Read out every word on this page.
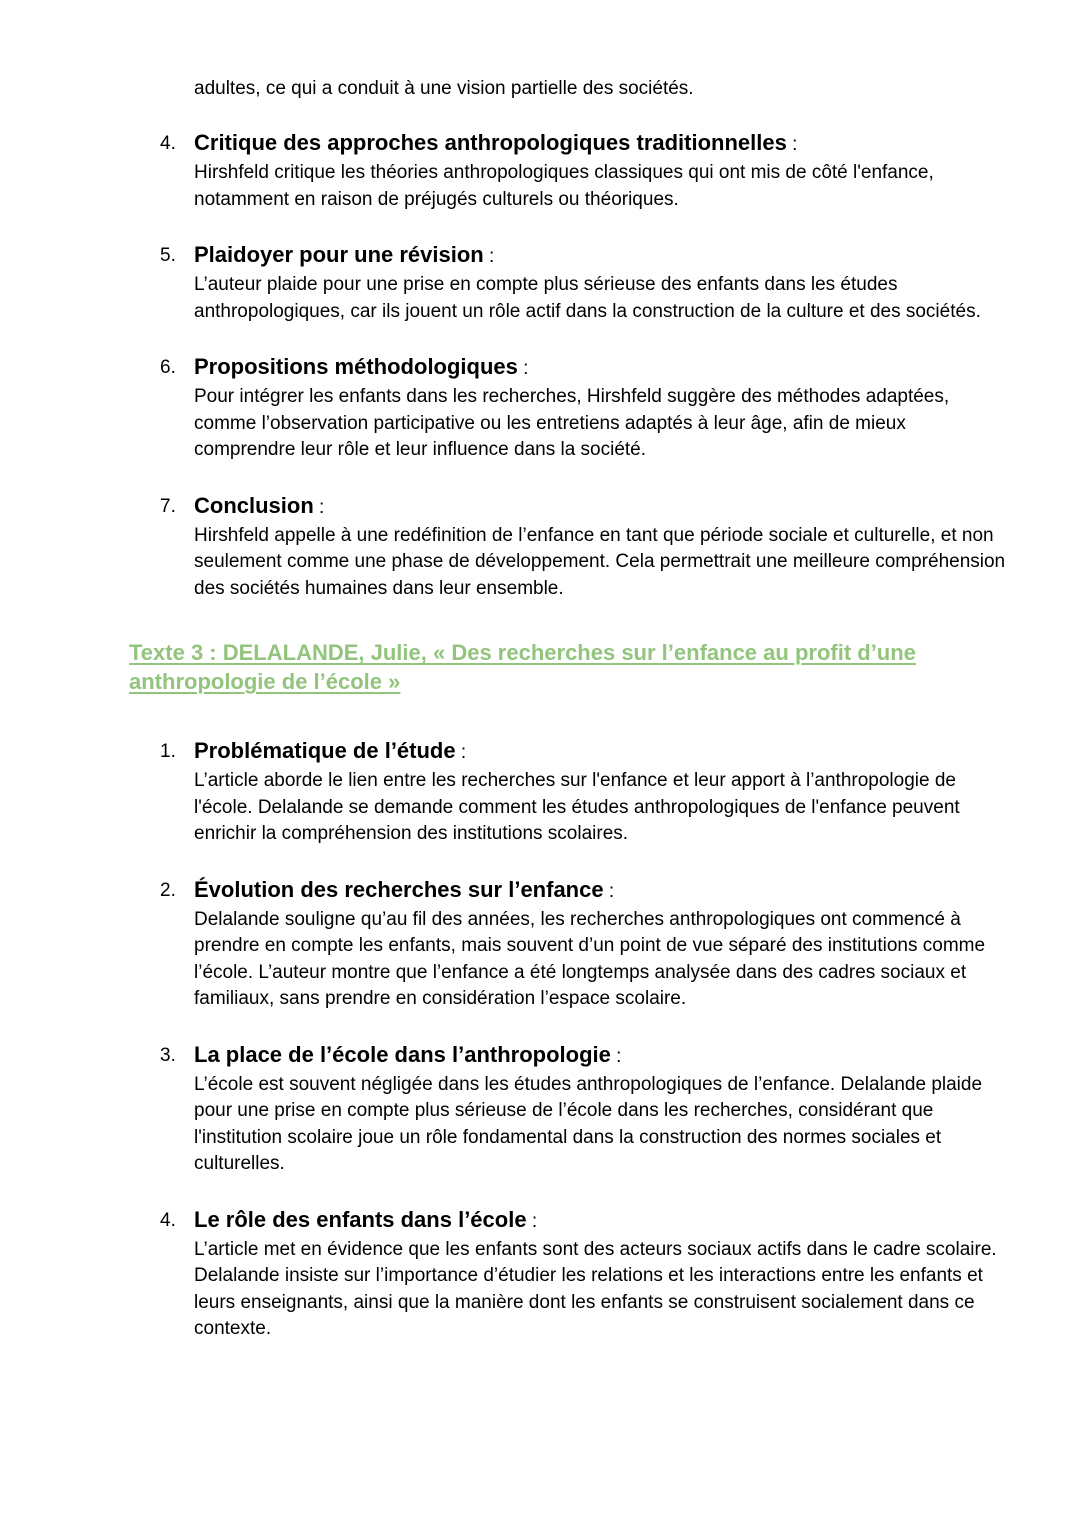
adultes, ce qui a conduit à une vision partielle des sociétés.

4. Critique des approches anthropologiques traditionnelles :
Hirshfeld critique les théories anthropologiques classiques qui ont mis de côté l'enfance, notamment en raison de préjugés culturels ou théoriques.
5. Plaidoyer pour une révision :
L’auteur plaide pour une prise en compte plus sérieuse des enfants dans les études anthropologiques, car ils jouent un rôle actif dans la construction de la culture et des sociétés.
6. Propositions méthodologiques :
Pour intégrer les enfants dans les recherches, Hirshfeld suggère des méthodes adaptées, comme l’observation participative ou les entretiens adaptés à leur âge, afin de mieux comprendre leur rôle et leur influence dans la société.
7. Conclusion :
Hirshfeld appelle à une redéfinition de l’enfance en tant que période sociale et culturelle, et non seulement comme une phase de développement. Cela permettrait une meilleure compréhension des sociétés humaines dans leur ensemble.
Texte 3 : DELALANDE, Julie, « Des recherches sur l’enfance au profit d’une anthropologie de l’école »
1. Problématique de l’étude :
L’article aborde le lien entre les recherches sur l'enfance et leur apport à l’anthropologie de l'école. Delalande se demande comment les études anthropologiques de l'enfance peuvent enrichir la compréhension des institutions scolaires.
2. Évolution des recherches sur l’enfance :
Delalande souligne qu’au fil des années, les recherches anthropologiques ont commencé à prendre en compte les enfants, mais souvent d’un point de vue séparé des institutions comme l’école. L’auteur montre que l’enfance a été longtemps analysée dans des cadres sociaux et familiaux, sans prendre en considération l’espace scolaire.
3. La place de l’école dans l’anthropologie :
L’école est souvent négligée dans les études anthropologiques de l’enfance. Delalande plaide pour une prise en compte plus sérieuse de l’école dans les recherches, considérant que l'institution scolaire joue un rôle fondamental dans la construction des normes sociales et culturelles.
4. Le rôle des enfants dans l’école :
L’article met en évidence que les enfants sont des acteurs sociaux actifs dans le cadre scolaire. Delalande insiste sur l’importance d’étudier les relations et les interactions entre les enfants et leurs enseignants, ainsi que la manière dont les enfants se construisent socialement dans ce contexte.
